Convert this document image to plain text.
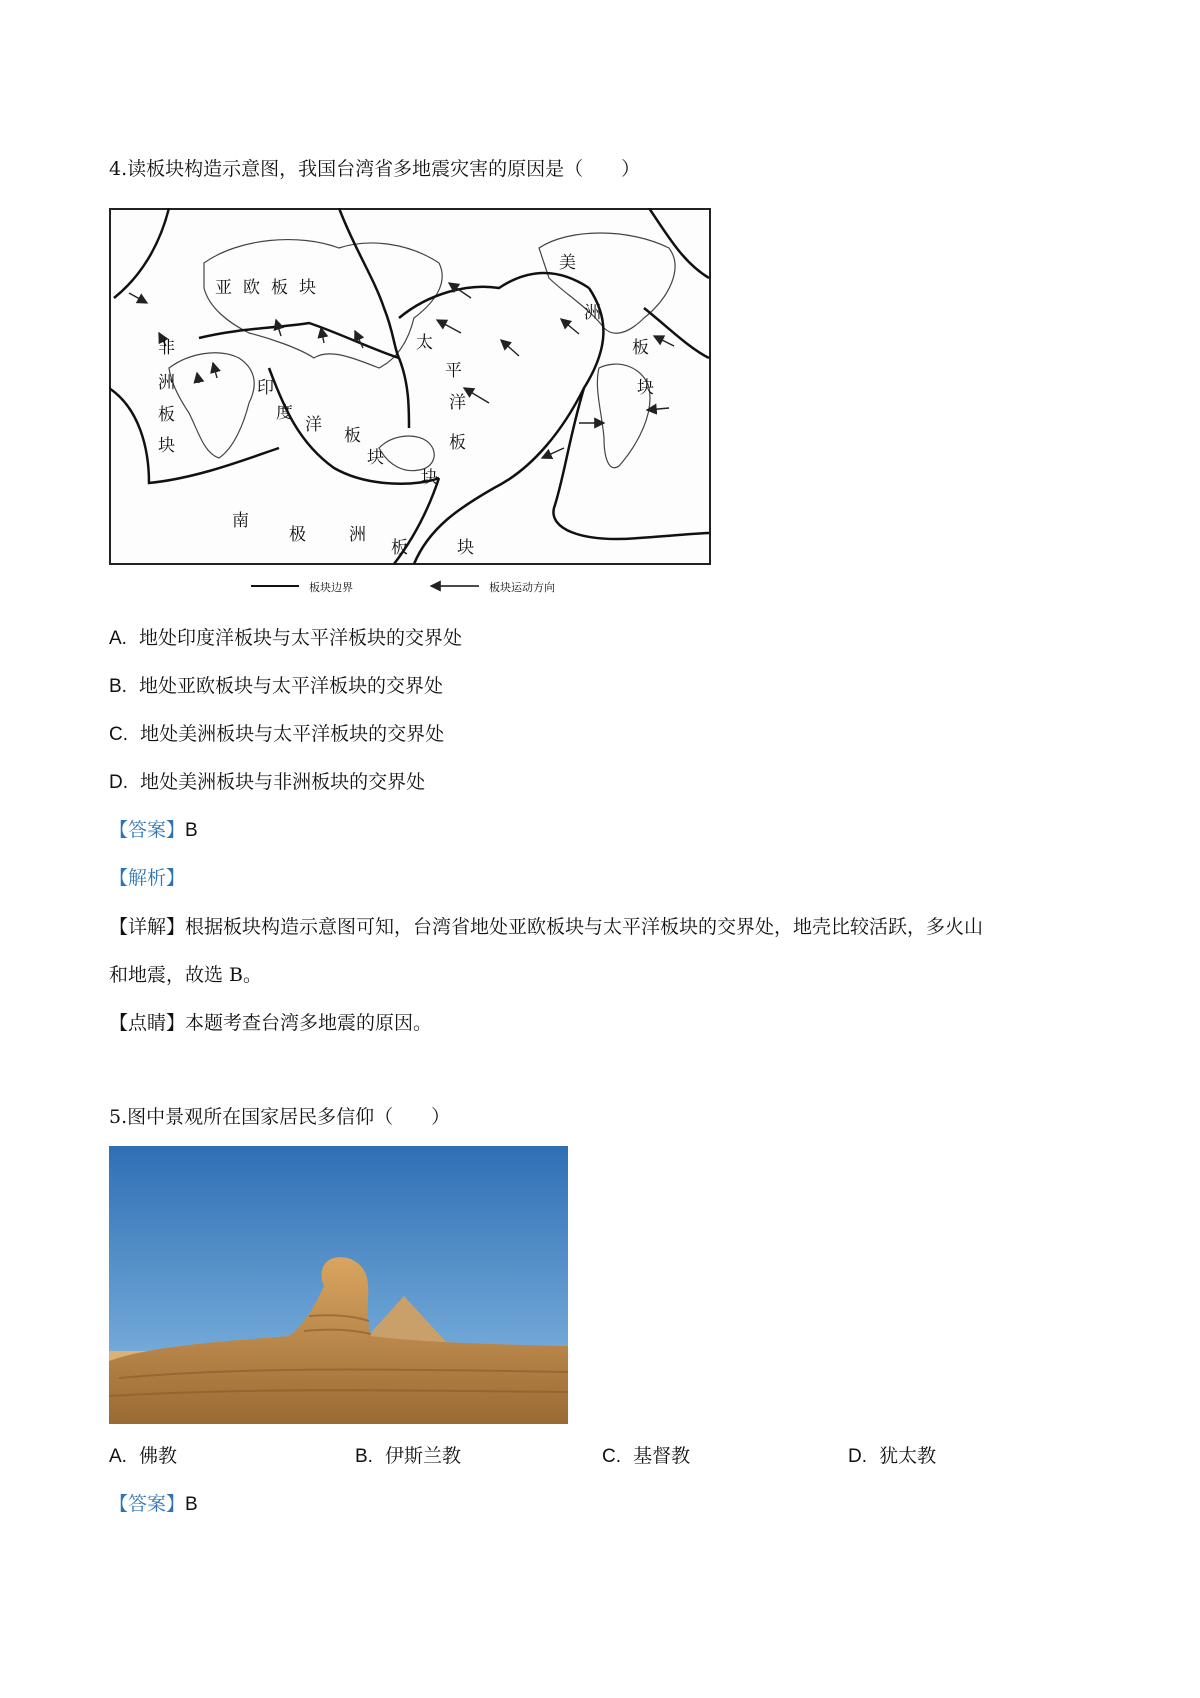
4.读板块构造示意图，我国台湾省多地震灾害的原因是（　　）
亚 欧 板 块
非
洲
板
块
印
度
洋
板
块
太
平
洋
板
块
美
洲
板
块
南
极	洲
板	块
板块边界	板块运动方向
A. 地处印度洋板块与太平洋板块的交界处
B. 地处亚欧板块与太平洋板块的交界处
C. 地处美洲板块与太平洋板块的交界处
D. 地处美洲板块与非洲板块的交界处
【答案】B
【解析】
【详解】根据板块构造示意图可知，台湾省地处亚欧板块与太平洋板块的交界处，地壳比较活跃，多火山
和地震，故选 B。
【点睛】本题考查台湾多地震的原因。
5.图中景观所在国家居民多信仰（　　）
A. 佛教	B. 伊斯兰教	C. 基督教	D. 犹太教
【答案】B
